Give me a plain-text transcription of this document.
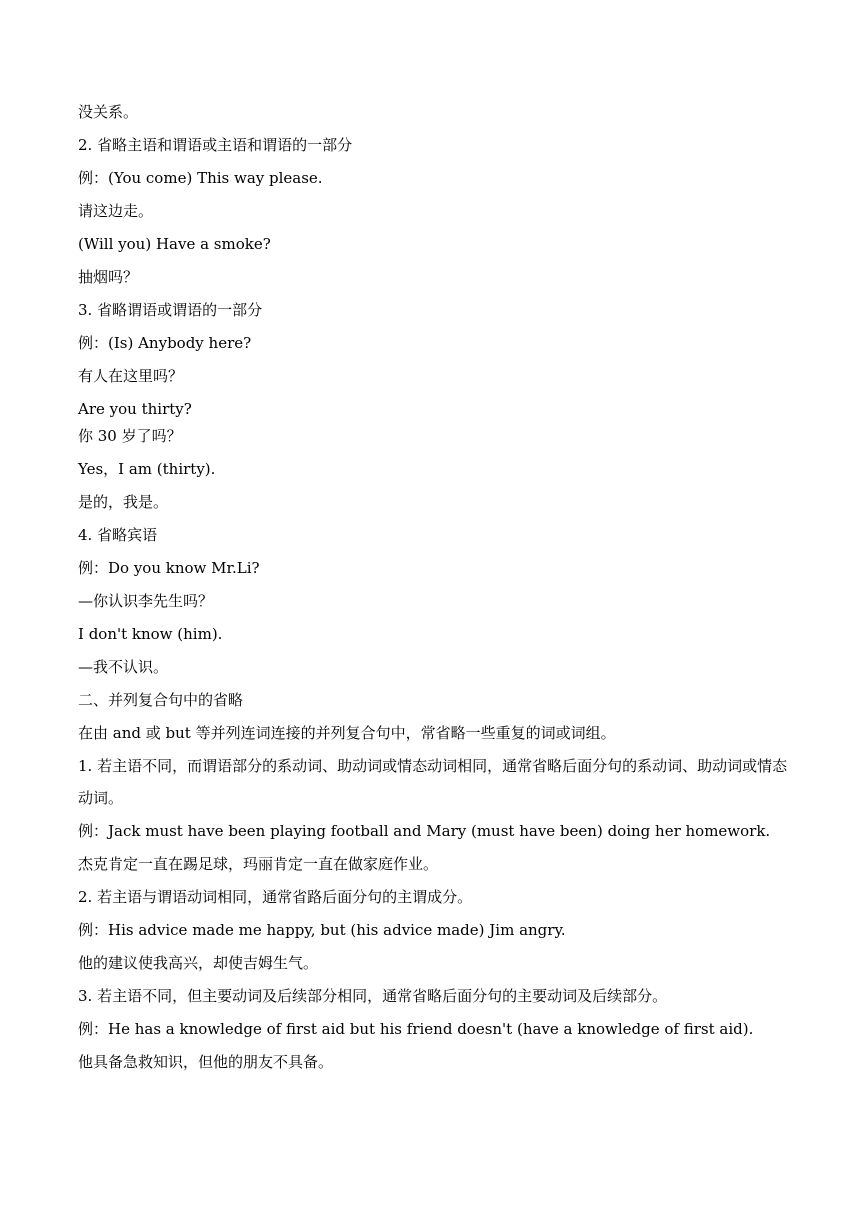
没关系。

2. 省略主语和谓语或主语和谓语的一部分

例：(You come) This way please.

请这边走。

(Will you) Have a smoke?

抽烟吗？

3. 省略谓语或谓语的一部分

例：(Is) Anybody here?

有人在这里吗？

Are you thirty?

你 30 岁了吗？

Yes，I am (thirty).

是的，我是。

4. 省略宾语

例：Do you know Mr.Li?

—你认识李先生吗？

I don't know (him).

—我不认识。

二、并列复合句中的省略

在由 and 或 but 等并列连词连接的并列复合句中，常省略一些重复的词或词组。

1. 若主语不同，而谓语部分的系动词、助动词或情态动词相同，通常省略后面分句的系动词、助动词或情态动词。

例：Jack must have been playing football and Mary (must have been) doing her homework.

杰克肯定一直在踢足球，玛丽肯定一直在做家庭作业。

2. 若主语与谓语动词相同，通常省路后面分句的主谓成分。

例：His advice made me happy, but (his advice made) Jim angry.

他的建议使我高兴，却使吉姆生气。

3. 若主语不同，但主要动词及后续部分相同，通常省略后面分句的主要动词及后续部分。

例：He has a knowledge of first aid but his friend doesn't (have a knowledge of first aid).

他具备急救知识，但他的朋友不具备。
